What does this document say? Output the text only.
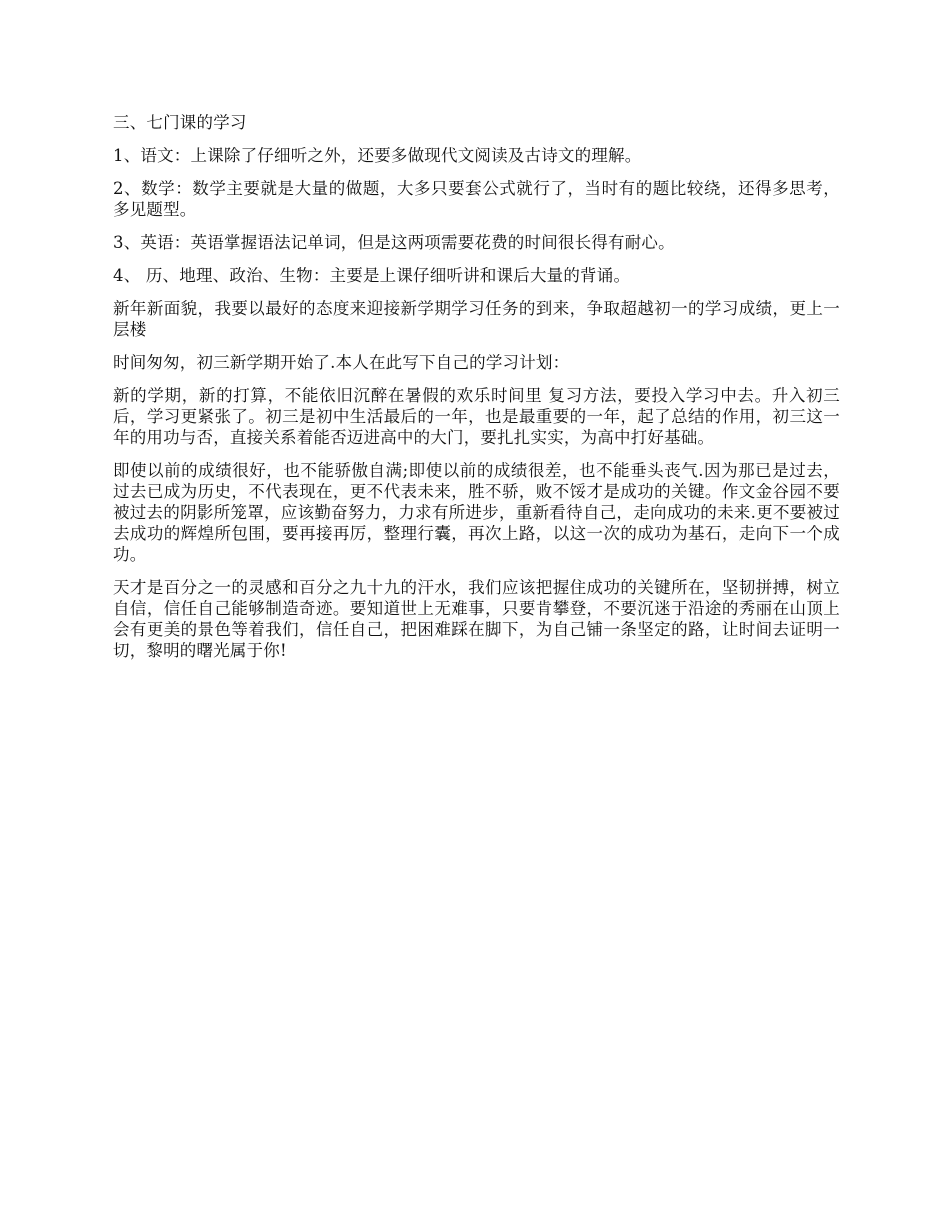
三、七门课的学习

1、语文：上课除了仔细听之外，还要多做现代文阅读及古诗文的理解。

2、数学：数学主要就是大量的做题，大多只要套公式就行了，当时有的题比较绕，还得多思考，多见题型。

3、英语：英语掌握语法记单词，但是这两项需要花费的时间很长得有耐心。

4、 历、地理、政治、生物：主要是上课仔细听讲和课后大量的背诵。

新年新面貌，我要以最好的态度来迎接新学期学习任务的到来，争取超越初一的学习成绩，更上一层楼

时间匆匆，初三新学期开始了.本人在此写下自己的学习计划：

新的学期，新的打算，不能依旧沉醉在暑假的欢乐时间里 复习方法，要投入学习中去。升入初三后，学习更紧张了。初三是初中生活最后的一年，也是最重要的一年，起了总结的作用，初三这一年的用功与否，直接关系着能否迈进高中的大门，要扎扎实实，为高中打好基础。

即使以前的成绩很好，也不能骄傲自满;即使以前的成绩很差，也不能垂头丧气.因为那已是过去，过去已成为历史，不代表现在，更不代表未来，胜不骄，败不馁才是成功的关键。作文金谷园不要被过去的阴影所笼罩，应该勤奋努力，力求有所进步，重新看待自己，走向成功的未来.更不要被过去成功的辉煌所包围，要再接再厉，整理行囊，再次上路，以这一次的成功为基石，走向下一个成功。

天才是百分之一的灵感和百分之九十九的汗水，我们应该把握住成功的关键所在，坚韧拼搏，树立自信，信任自己能够制造奇迹。要知道世上无难事，只要肯攀登，不要沉迷于沿途的秀丽在山顶上会有更美的景色等着我们，信任自己，把困难踩在脚下，为自己铺一条坚定的路，让时间去证明一切，黎明的曙光属于你!
